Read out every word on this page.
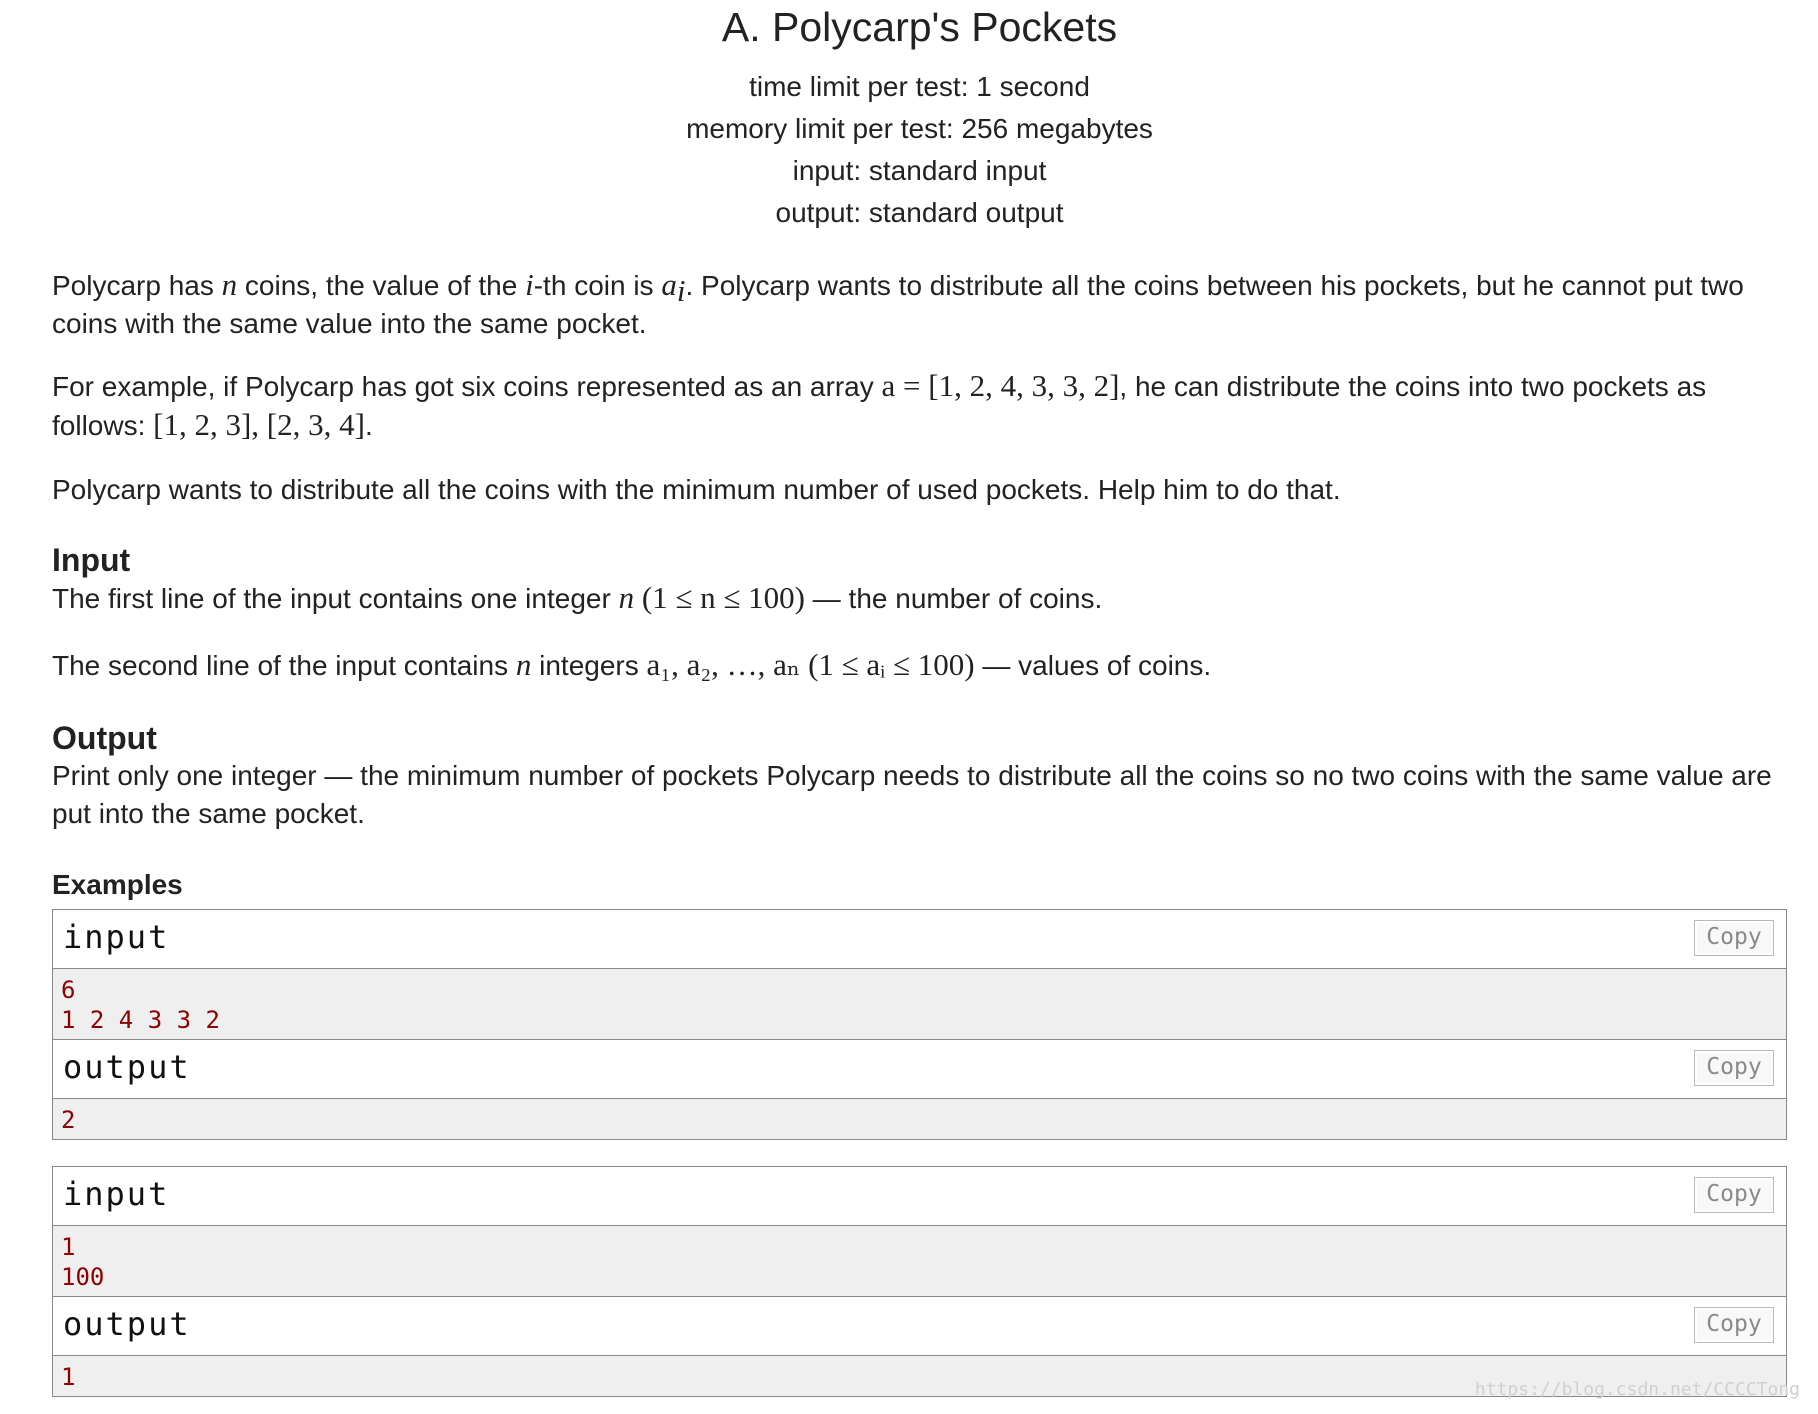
A. Polycarp's Pockets
time limit per test: 1 second
memory limit per test: 256 megabytes
input: standard input
output: standard output

Polycarp has n coins, the value of the i-th coin is $a_i$. Polycarp wants to distribute all the coins between his pockets, but he cannot put two coins with the same value into the same pocket.

For example, if Polycarp has got six coins represented as an array a = [1, 2, 4, 3, 3, 2], he can distribute the coins into two pockets as follows: [1, 2, 3], [2, 3, 4].

Polycarp wants to distribute all the coins with the minimum number of used pockets. Help him to do that.

Input

The first line of the input contains one integer n (1 ≤ n ≤ 100) — the number of coins.

The second line of the input contains n integers a₁, a₂, …, aₙ (1 ≤ aᵢ ≤ 100) — values of coins.

Output

Print only one integer — the minimum number of pockets Polycarp needs to distribute all the coins so no two coins with the same value are put into the same pocket.

Examples
input	Copy
6
1 2 4 3 3 2
output	Copy
2
input	Copy
1
100
output	Copy
1	https://blog.csdn.net/CCCCTong
